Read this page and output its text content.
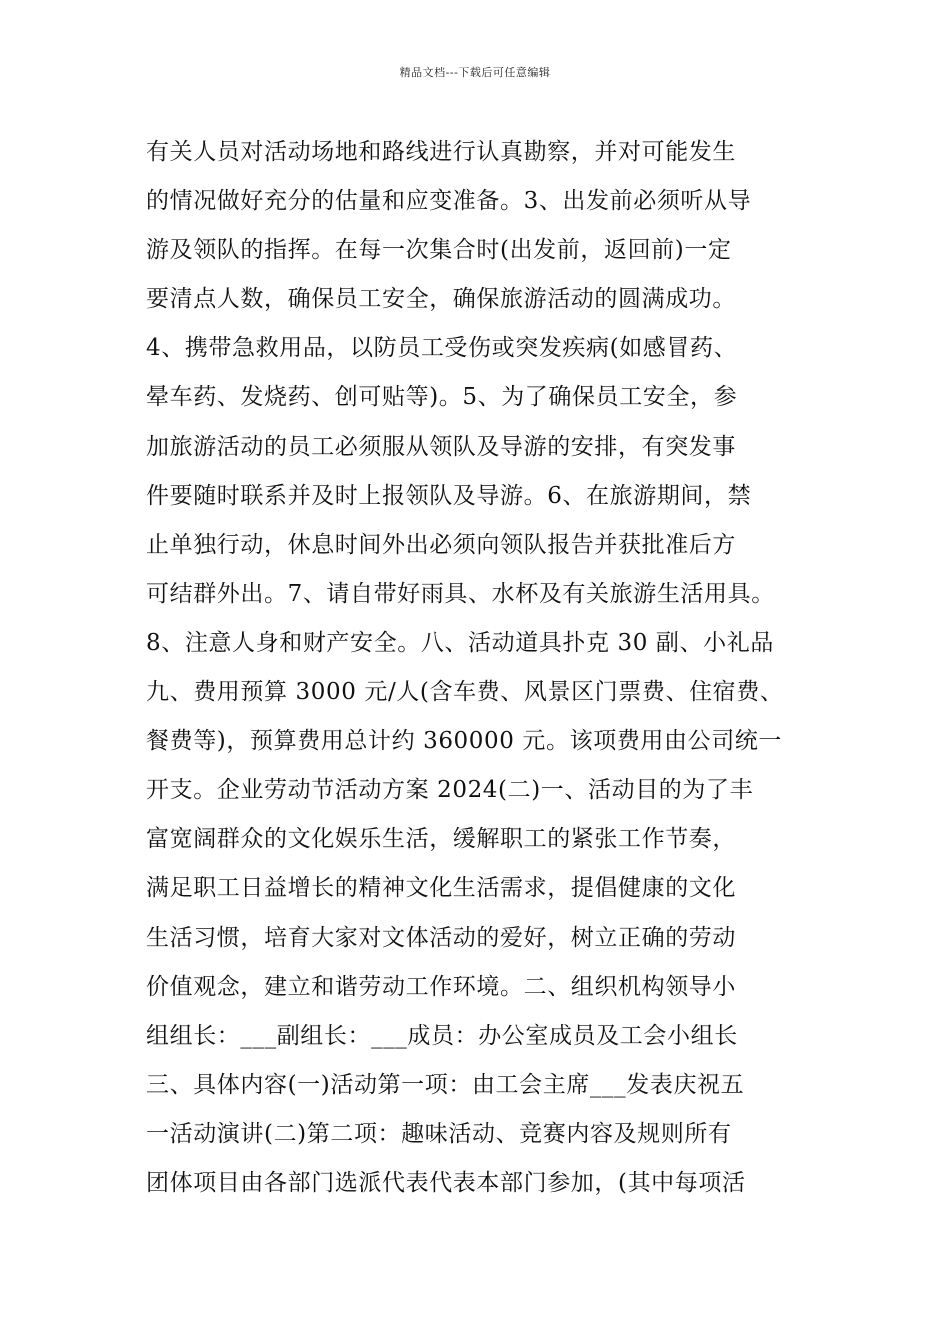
精品文档---下载后可任意编辑
有关人员对活动场地和路线进行认真勘察，并对可能发生
的情况做好充分的估量和应变准备。3、出发前必须听从导
游及领队的指挥。在每一次集合时(出发前，返回前)一定
要清点人数，确保员工安全，确保旅游活动的圆满成功。
4、携带急救用品，以防员工受伤或突发疾病(如感冒药、
晕车药、发烧药、创可贴等)。5、为了确保员工安全，参
加旅游活动的员工必须服从领队及导游的安排，有突发事
件要随时联系并及时上报领队及导游。6、在旅游期间，禁
止单独行动，休息时间外出必须向领队报告并获批准后方
可结群外出。7、请自带好雨具、水杯及有关旅游生活用具。
8、注意人身和财产安全。八、活动道具扑克 30 副、小礼品
九、费用预算 3000 元/人(含车费、风景区门票费、住宿费、
餐费等)，预算费用总计约 360000 元。该项费用由公司统一
开支。企业劳动节活动方案 2024(二)一、活动目的为了丰
富宽阔群众的文化娱乐生活，缓解职工的紧张工作节奏，
满足职工日益增长的精神文化生活需求，提倡健康的文化
生活习惯，培育大家对文体活动的爱好，树立正确的劳动
价值观念，建立和谐劳动工作环境。二、组织机构领导小
组组长：___副组长：___成员：办公室成员及工会小组长
三、具体内容(一)活动第一项：由工会主席___发表庆祝五
一活动演讲(二)第二项：趣味活动、竞赛内容及规则所有
团体项目由各部门选派代表代表本部门参加，(其中每项活
